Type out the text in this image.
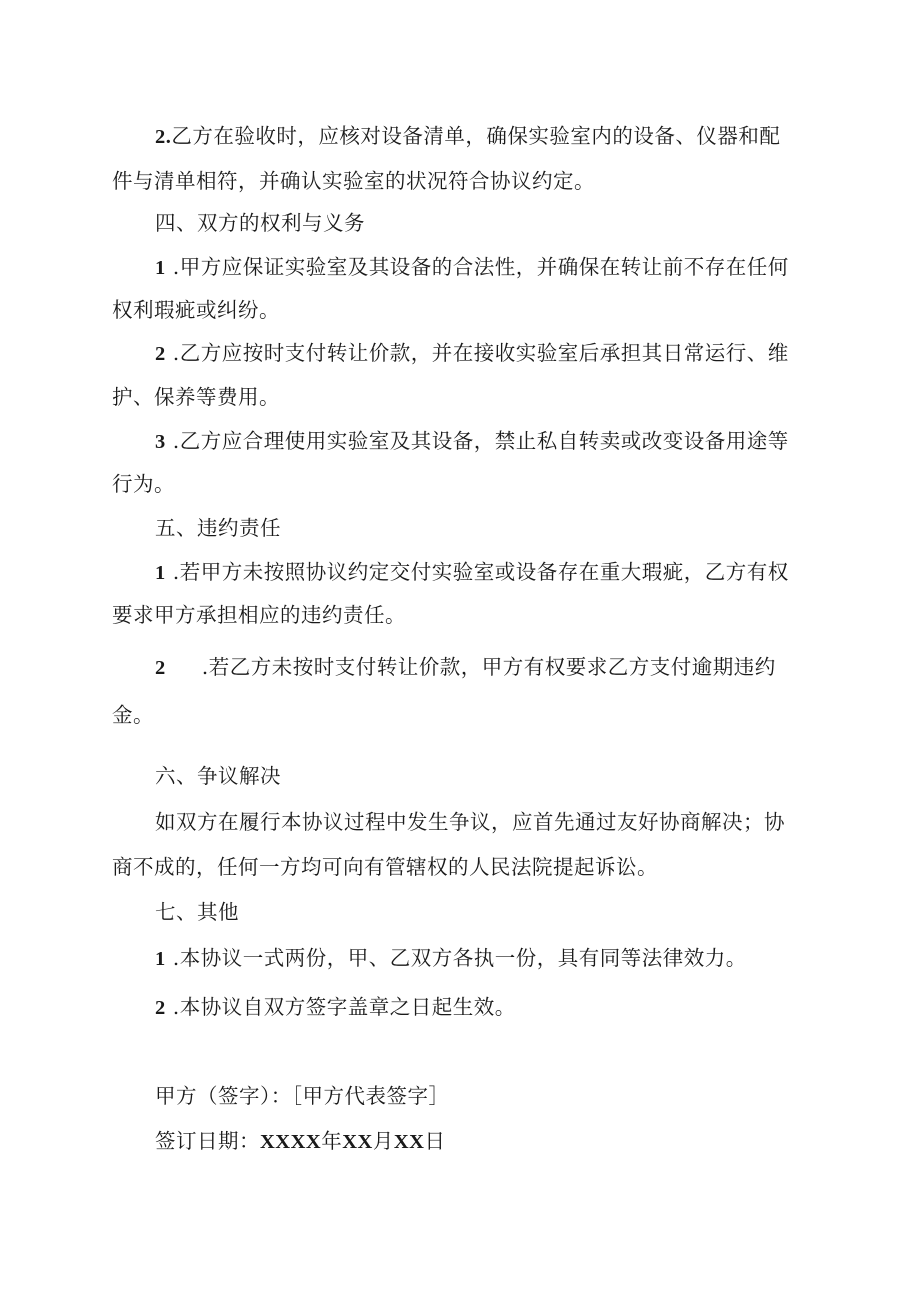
2.乙方在验收时，应核对设备清单，确保实验室内的设备、仪器和配
件与清单相符，并确认实验室的状况符合协议约定。
四、双方的权利与义务
1 .甲方应保证实验室及其设备的合法性，并确保在转让前不存在任何
权利瑕疵或纠纷。
2 .乙方应按时支付转让价款，并在接收实验室后承担其日常运行、维
护、保养等费用。
3 .乙方应合理使用实验室及其设备，禁止私自转卖或改变设备用途等
行为。
五、违约责任
1 .若甲方未按照协议约定交付实验室或设备存在重大瑕疵，乙方有权
要求甲方承担相应的违约责任。
2 .若乙方未按时支付转让价款，甲方有权要求乙方支付逾期违约
金。
六、争议解决
如双方在履行本协议过程中发生争议，应首先通过友好协商解决；协
商不成的，任何一方均可向有管辖权的人民法院提起诉讼。
七、其他
1 .本协议一式两份，甲、乙双方各执一份，具有同等法律效力。
2 .本协议自双方签字盖章之日起生效。
甲方（签字）：［甲方代表签字］
签订日期：XXXX年XX月XX日
